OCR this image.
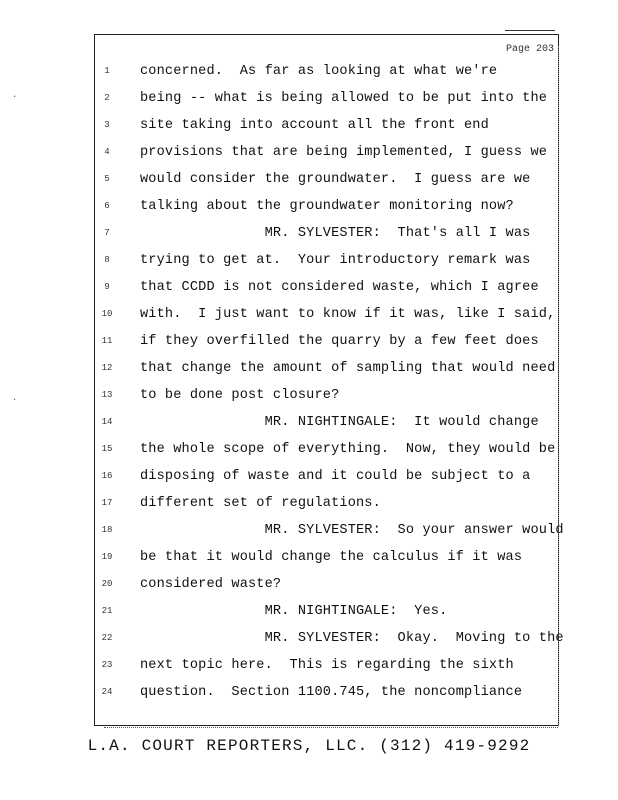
·
·
Page 203
1	concerned.  As far as looking at what we're
2	being -- what is being allowed to be put into the
3	site taking into account all the front end
4	provisions that are being implemented, I guess we
5	would consider the groundwater.  I guess are we
6	talking about the groundwater monitoring now?
7	MR. SYLVESTER:  That's all I was
8	trying to get at.  Your introductory remark was
9	that CCDD is not considered waste, which I agree
10	with.  I just want to know if it was, like I said,
11	if they overfilled the quarry by a few feet does
12	that change the amount of sampling that would need
13	to be done post closure?
14	MR. NIGHTINGALE:  It would change
15	the whole scope of everything.  Now, they would be
16	disposing of waste and it could be subject to a
17	different set of regulations.
18	MR. SYLVESTER:  So your answer would
19	be that it would change the calculus if it was
20	considered waste?
21	MR. NIGHTINGALE:  Yes.
22	MR. SYLVESTER:  Okay.  Moving to the
23	next topic here.  This is regarding the sixth
24	question.  Section 1100.745, the noncompliance
L.A. COURT REPORTERS, LLC. (312) 419-9292
